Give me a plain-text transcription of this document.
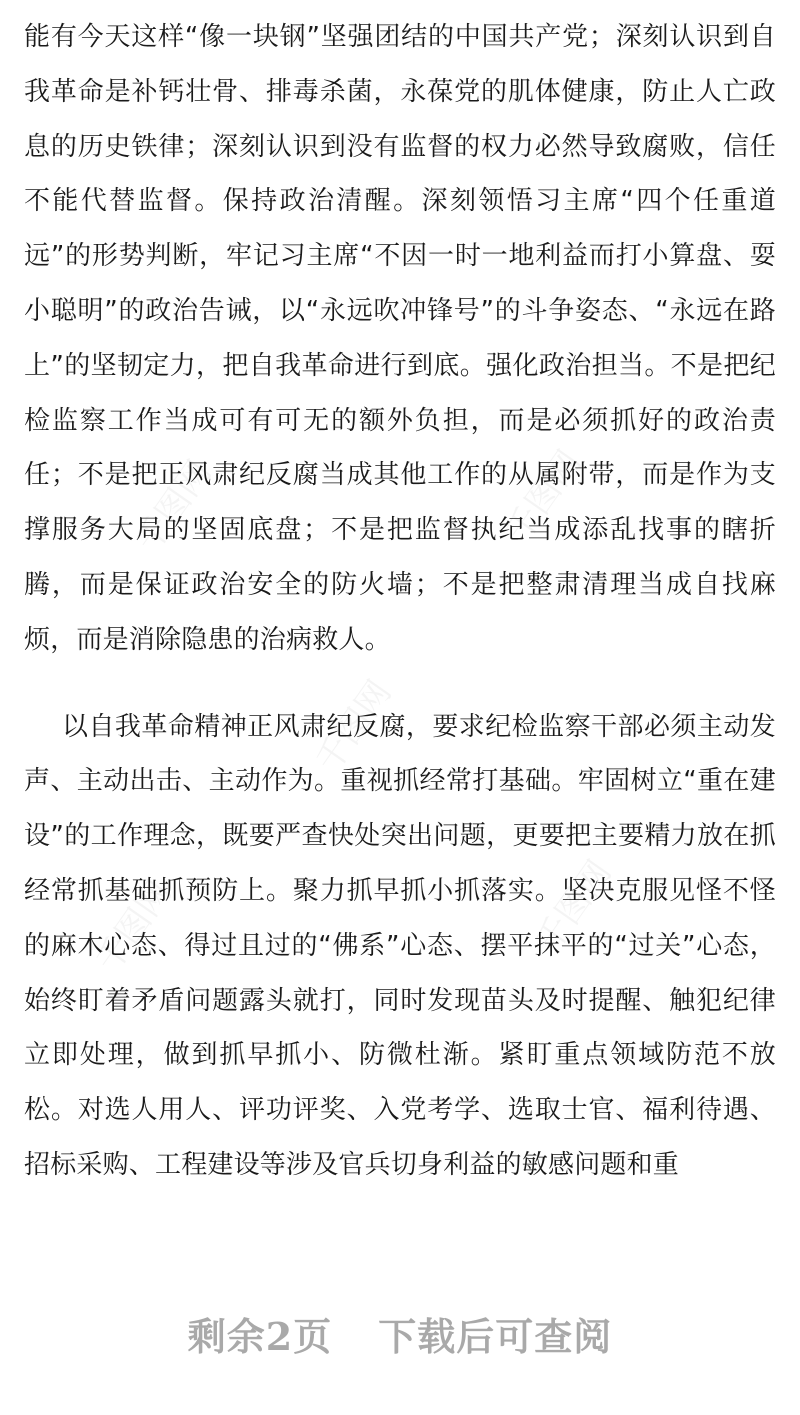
千图网	千图网
千图网
千图网	千图网

能有今天这样“像一块钢”坚强团结的中国共产党；深刻认识到自我革命是补钙壮骨、排毒杀菌，永葆党的肌体健康，防止人亡政息的历史铁律；深刻认识到没有监督的权力必然导致腐败，信任不能代替监督。保持政治清醒。深刻领悟习主席“四个任重道远”的形势判断，牢记习主席“不因一时一地利益而打小算盘、耍小聪明”的政治告诫，以“永远吹冲锋号”的斗争姿态、“永远在路上”的坚韧定力，把自我革命进行到底。强化政治担当。不是把纪检监察工作当成可有可无的额外负担，而是必须抓好的政治责任；不是把正风肃纪反腐当成其他工作的从属附带，而是作为支撑服务大局的坚固底盘；不是把监督执纪当成添乱找事的瞎折腾，而是保证政治安全的防火墙；不是把整肃清理当成自找麻烦，而是消除隐患的治病救人。

以自我革命精神正风肃纪反腐，要求纪检监察干部必须主动发声、主动出击、主动作为。重视抓经常打基础。牢固树立“重在建设”的工作理念，既要严查快处突出问题，更要把主要精力放在抓经常抓基础抓预防上。聚力抓早抓小抓落实。坚决克服见怪不怪的麻木心态、得过且过的“佛系”心态、摆平抹平的“过关”心态，始终盯着矛盾问题露头就打，同时发现苗头及时提醒、触犯纪律立即处理，做到抓早抓小、防微杜渐。紧盯重点领域防范不放松。对选人用人、评功评奖、入党考学、选取士官、福利待遇、招标采购、工程建设等涉及官兵切身利益的敏感问题和重

剩余2页 下载后可查阅
